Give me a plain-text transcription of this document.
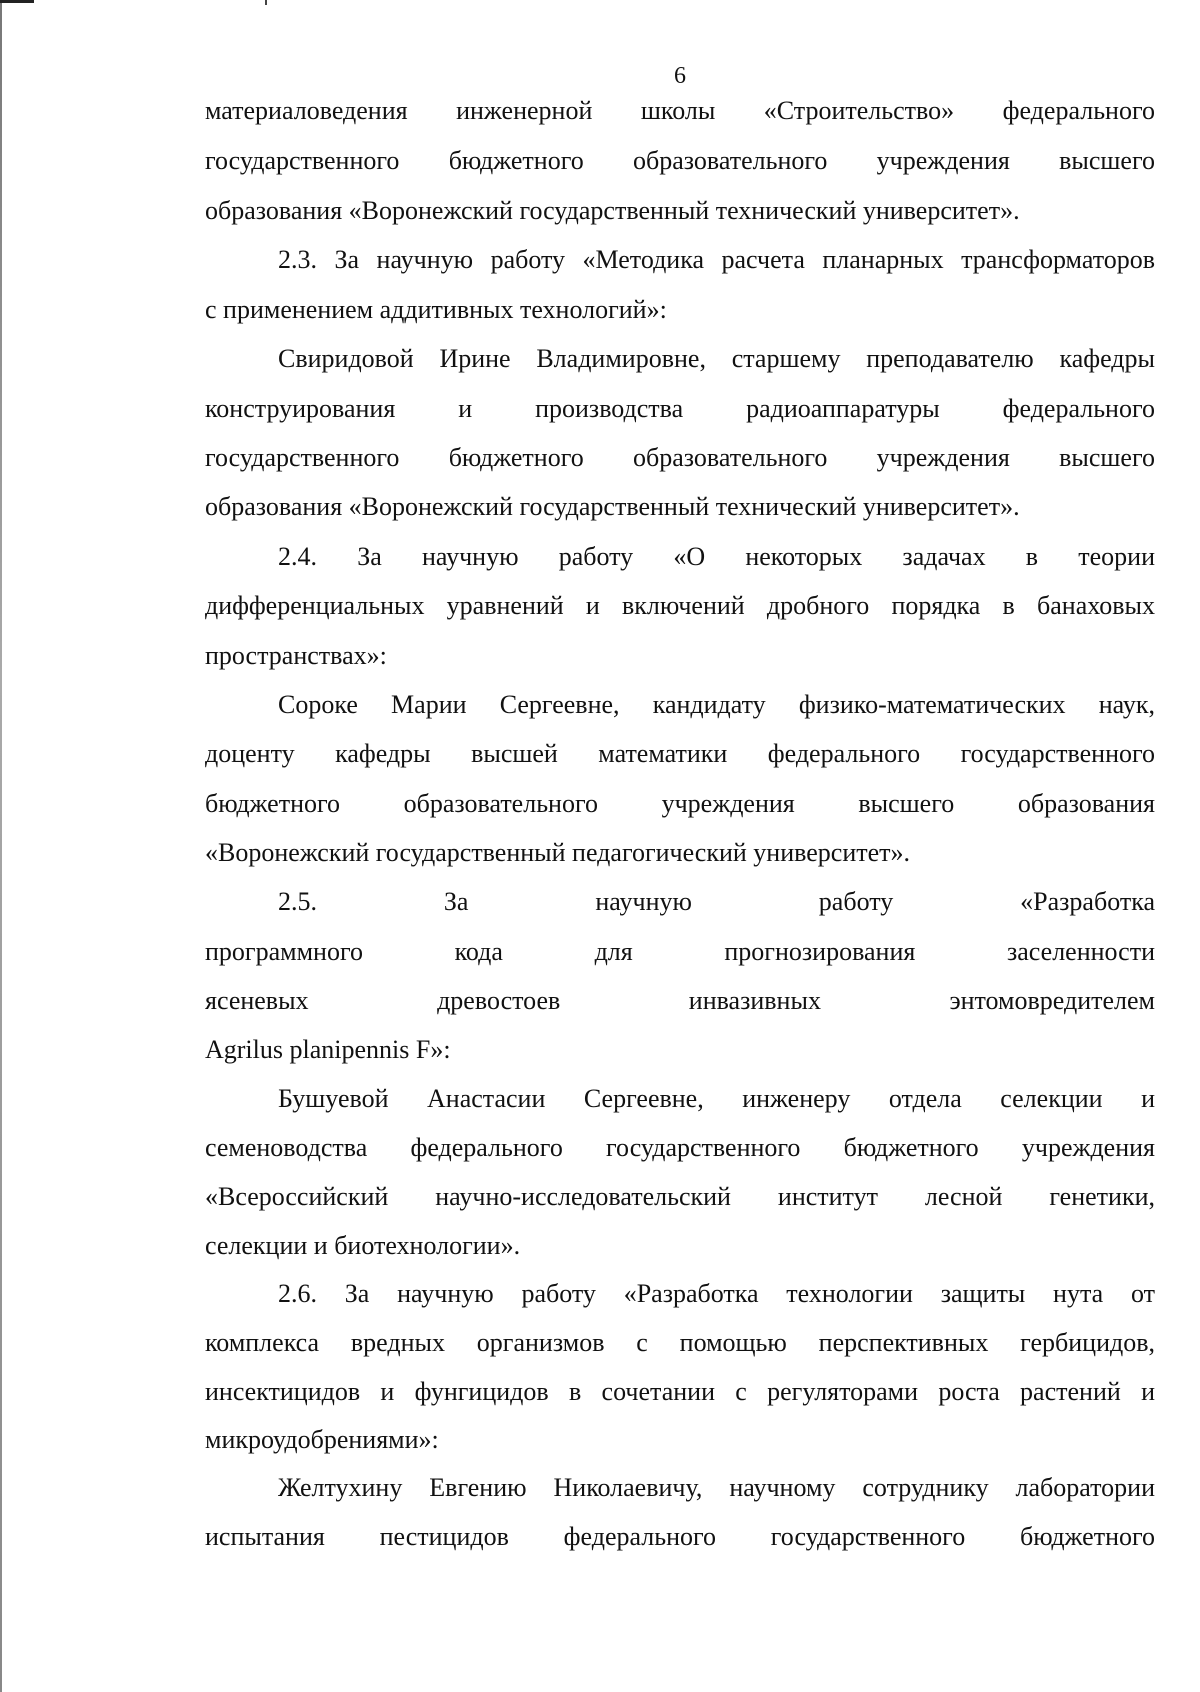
6
материаловедения инженерной школы «Строительство» федерального
государственного бюджетного образовательного учреждения высшего
образования «Воронежский государственный технический университет».
2.3. За научную работу «Методика расчета планарных трансформаторов
с применением аддитивных технологий»:
Свиридовой Ирине Владимировне, старшему преподавателю кафедры
конструирования и производства радиоаппаратуры федерального
государственного бюджетного образовательного учреждения высшего
образования «Воронежский государственный технический университет».
2.4. За научную работу «О некоторых задачах в теории
дифференциальных уравнений и включений дробного порядка в банаховых
пространствах»:
Сороке Марии Сергеевне, кандидату физико-математических наук,
доценту кафедры высшей математики федерального государственного
бюджетного образовательного учреждения высшего образования
«Воронежский государственный педагогический университет».
2.5. За научную работу «Разработка
программного кода для прогнозирования заселенности
ясеневых древостоев инвазивных энтомовредителем
Agrilus planipennis F»:
Бушуевой Анастасии Сергеевне, инженеру отдела селекции и
семеноводства федерального государственного бюджетного учреждения
«Всероссийский научно-исследовательский институт лесной генетики,
селекции и биотехнологии».
2.6. За научную работу «Разработка технологии защиты нута от
комплекса вредных организмов с помощью перспективных гербицидов,
инсектицидов и фунгицидов в сочетании с регуляторами роста растений и
микроудобрениями»:
Желтухину Евгению Николаевичу, научному сотруднику лаборатории
испытания пестицидов федерального государственного бюджетного
